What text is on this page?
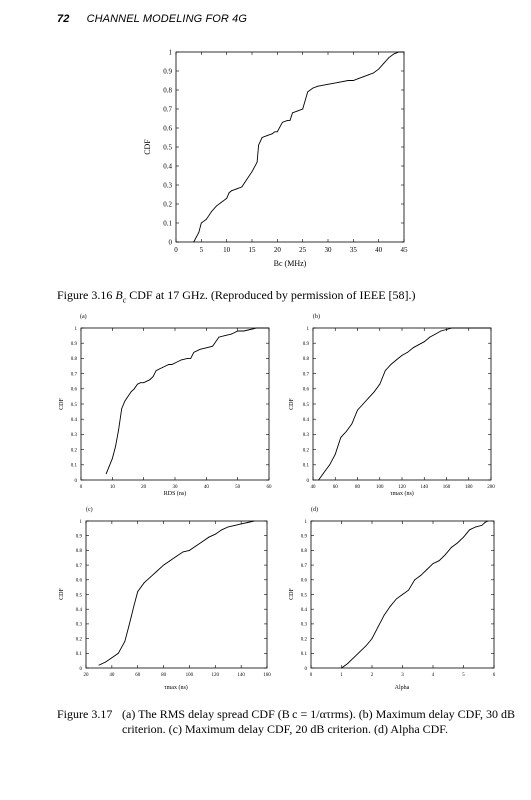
72 CHANNEL MODELING FOR 4G
0	5	10	15	20	25	30	35	40	45
0
0.1
0.2
0.3
0.4
0.5
0.6
0.7
0.8
0.9
1
CDF
Bc (MHz)
0	10	20	30	40	50	60
0
0.1
0.2
0.3
0.4
0.5
0.6
0.7
0.8
0.9
1
CDF
RDS (ns)
(a)
40	60	80	100	120	140	160	180	200
0
0.1
0.2
0.3
0.4
0.5
0.6
0.7
0.8
0.9
1
CDF
τmax (ns)
(b)
20	40	60	80	100	120	140	160
0
0.1
0.2
0.3
0.4
0.5
0.6
0.7
0.8
0.9
1
CDF
τmax (ns)
(c)
0	1	2	3	4	5	6
0
0.1
0.2
0.3
0.4
0.5
0.6
0.7
0.8
0.9
1
CDF
Alpha
(d)
Figure 3.16 $B_c$ CDF at 17 GHz. (Reproduced by permission of IEEE [58].)
Figure 3.17 (a) The RMS delay spread CDF (B c = 1/ατrms). (b) Maximum delay CDF, 30 dB criterion. (c) Maximum delay CDF, 20 dB criterion. (d) Alpha CDF.
